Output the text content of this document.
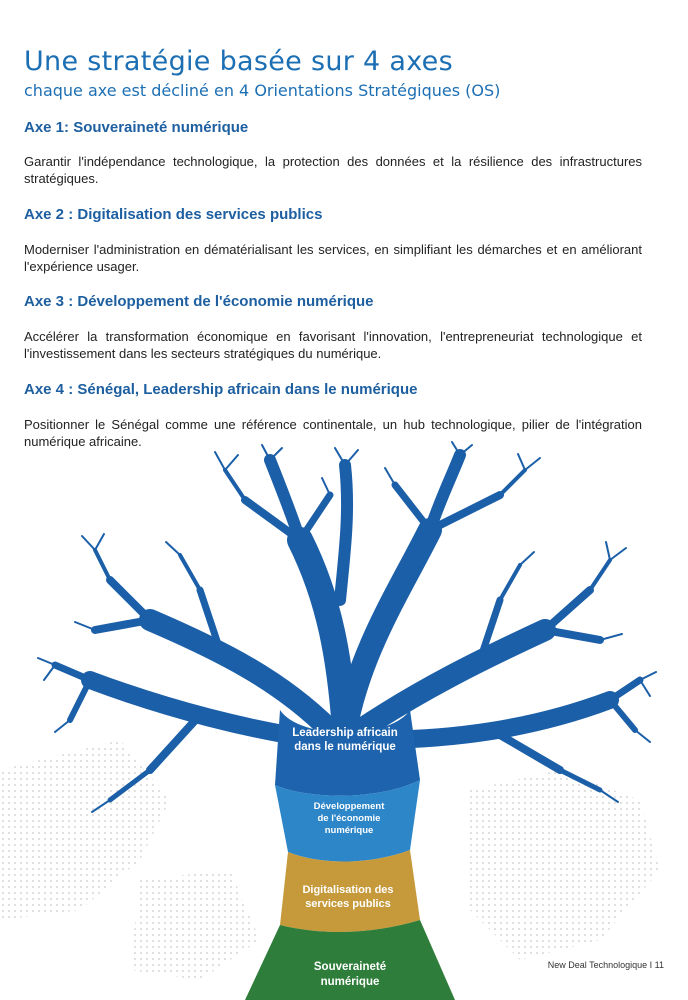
Une stratégie basée sur 4 axes

chaque axe est décliné en 4 Orientations Stratégiques (OS)

Axe 1: Souveraineté numérique

Garantir l'indépendance technologique, la protection des données et la résilience des infrastructures stratégiques.

Axe 2 : Digitalisation des services publics

Moderniser l'administration en dématérialisant les services, en simplifiant les démarches et en améliorant l'expérience usager.

Axe 3 : Développement de l'économie numérique

Accélérer la transformation économique en favorisant l'innovation, l'entrepreneuriat technologique et l'investissement dans les secteurs stratégiques du numérique.

Axe 4 : Sénégal, Leadership africain dans le numérique

Positionner le Sénégal comme une référence continentale, un hub technologique, pilier de l'intégration numérique africaine.

Leadership africain
dans le numérique
Développement
de l'économie
numérique
Digitalisation des
services publics
Souveraineté
numérique
New Deal Technologique I 11
